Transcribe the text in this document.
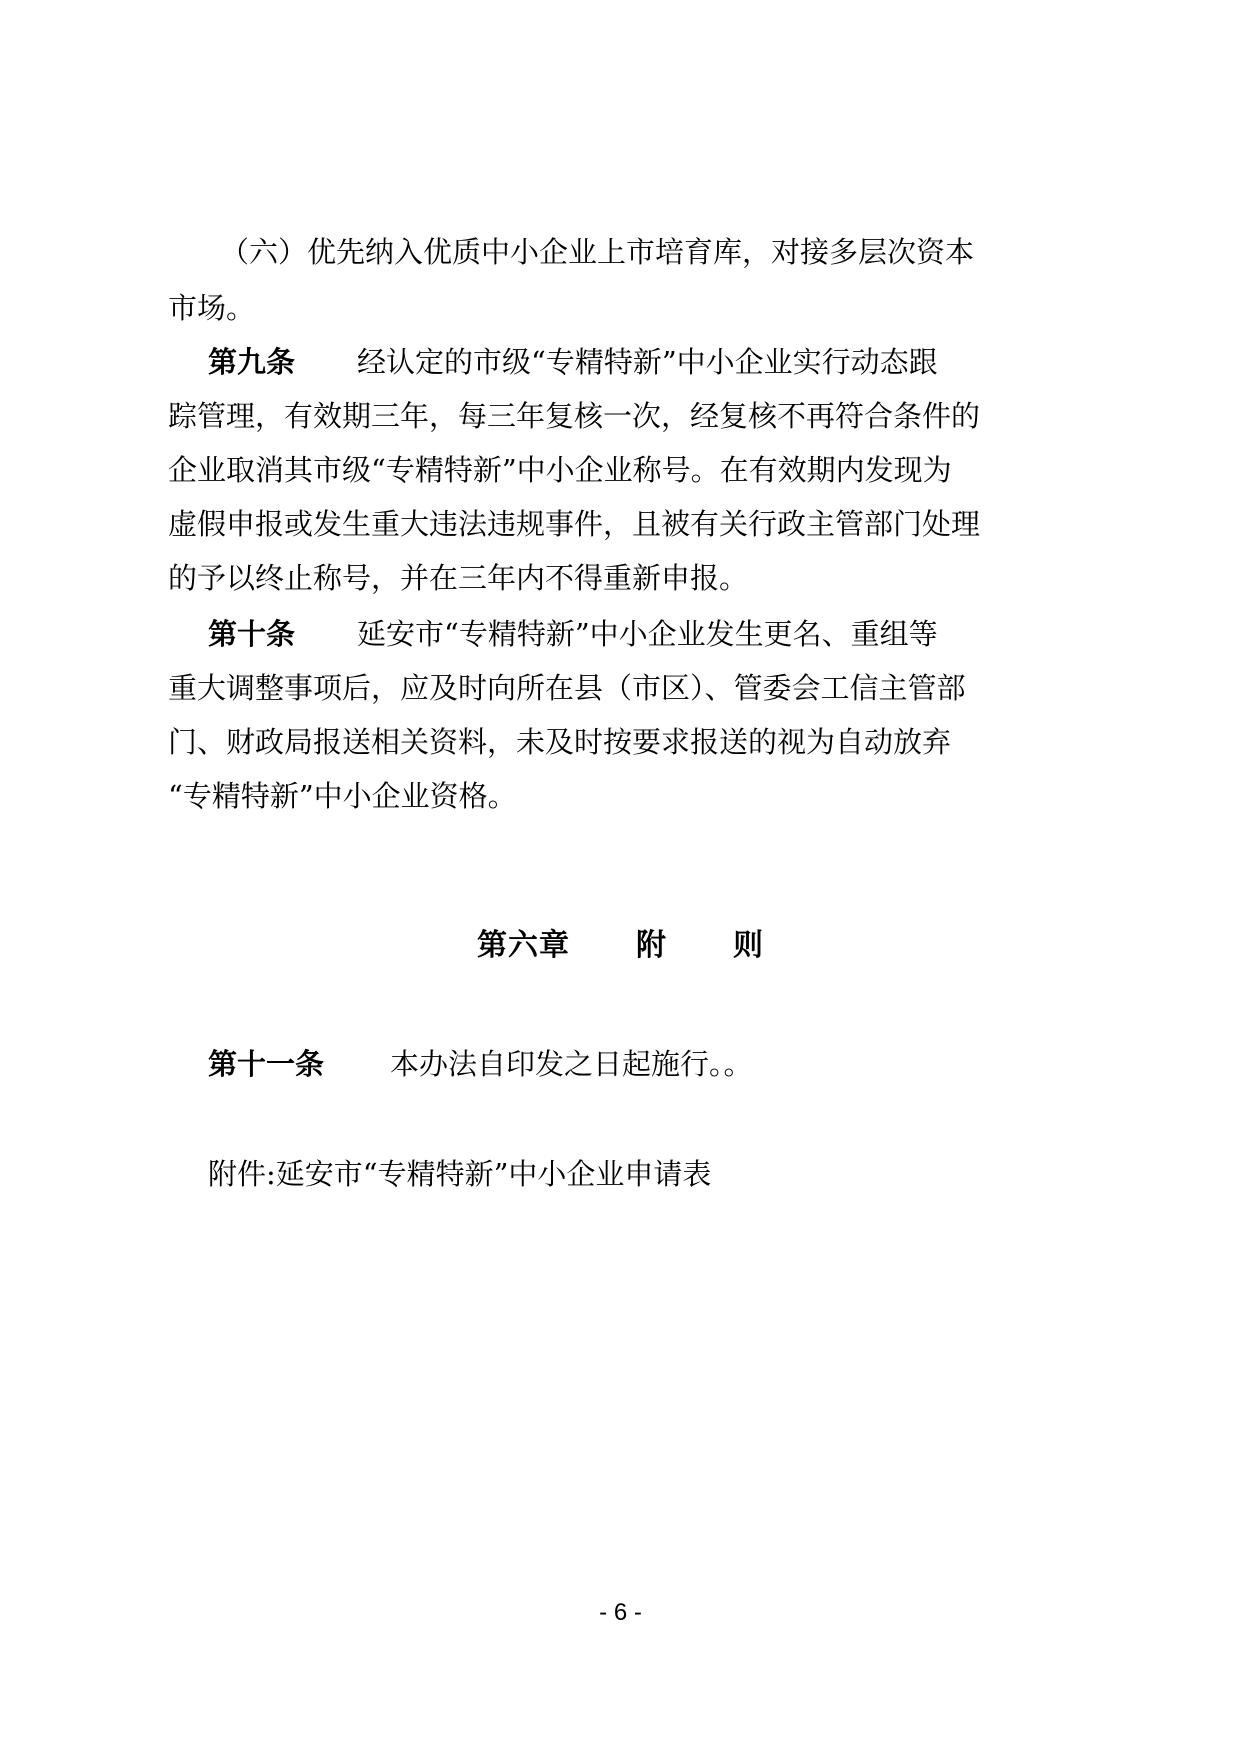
（六）优先纳入优质中小企业上市培育库，对接多层次资本
市场。
第九条 经认定的市级“专精特新”中小企业实行动态跟
踪管理，有效期三年，每三年复核一次，经复核不再符合条件的
企业取消其市级“专精特新”中小企业称号。在有效期内发现为
虚假申报或发生重大违法违规事件，且被有关行政主管部门处理
的予以终止称号，并在三年内不得重新申报。
第十条 延安市“专精特新”中小企业发生更名、重组等
重大调整事项后，应及时向所在县（市区）、管委会工信主管部
门、财政局报送相关资料，未及时按要求报送的视为自动放弃
“专精特新”中小企业资格。
第六章 附 则
第十一条 本办法自印发之日起施行。。
附件:延安市“专精特新”中小企业申请表
- 6 -
